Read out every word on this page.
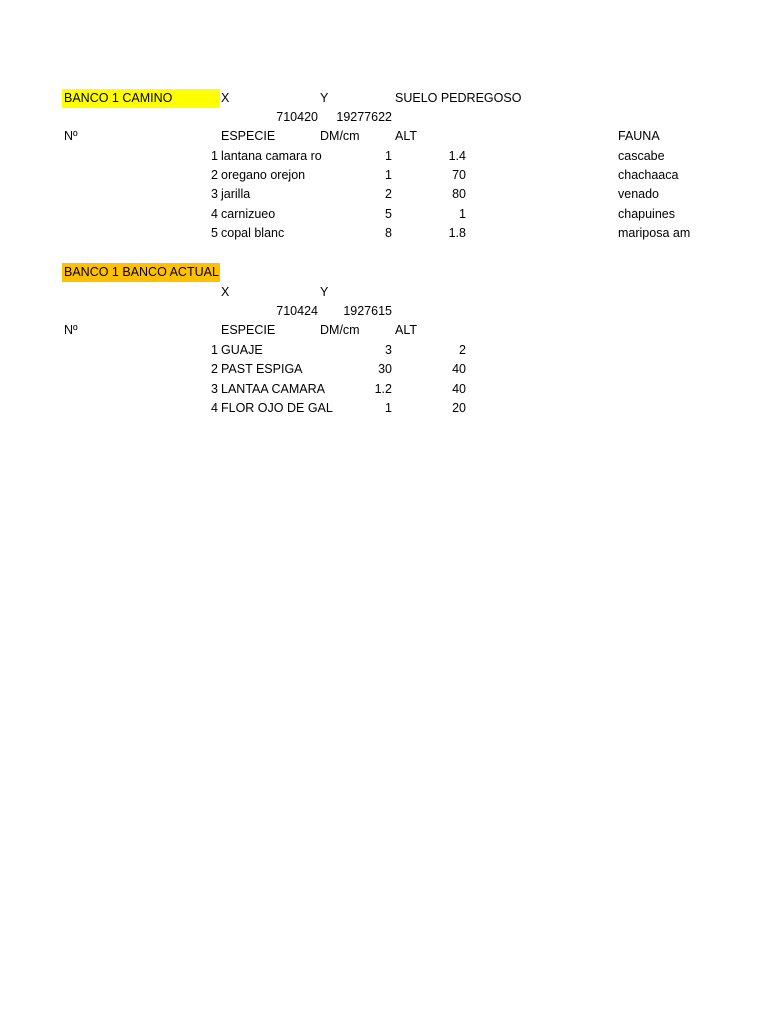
BANCO 1 CAMINO	X	Y	SUELO PEDREGOSO
710420	19277622
Nº	ESPECIE	DM/cm	ALT	FAUNA
1 lantana camara ro	1	1.4	cascabe
2 oregano orejon	1	70	chachaaca
3 jarilla	2	80	venado
4 carnizueo	5	1	chapuines
5 copal blanc	8	1.8	mariposa am
BANCO 1 BANCO ACTUAL
X	Y
710424	1927615
Nº	ESPECIE	DM/cm	ALT
1 GUAJE	3	2
2 PAST ESPIGA	30	40
3 LANTAA CAMARA	1.2	40
4 FLOR OJO DE GAL	1	20
